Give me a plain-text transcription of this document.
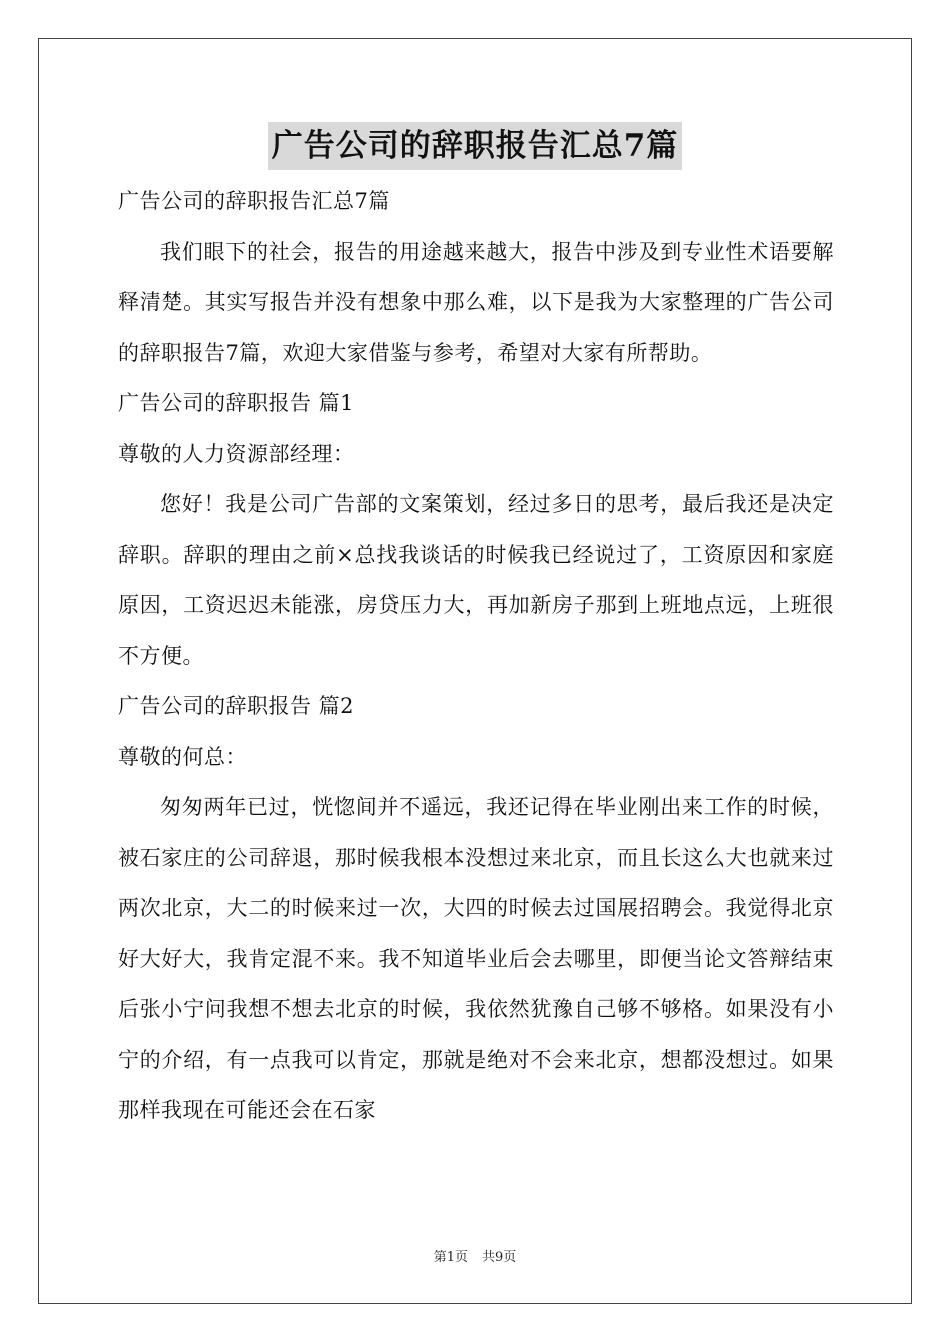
广告公司的辞职报告汇总7篇
广告公司的辞职报告汇总7篇

我们眼下的社会，报告的用途越来越大，报告中涉及到专业性术语要解释清楚。其实写报告并没有想象中那么难，以下是我为大家整理的广告公司的辞职报告7篇，欢迎大家借鉴与参考，希望对大家有所帮助。

广告公司的辞职报告 篇1
尊敬的人力资源部经理：

您好！我是公司广告部的文案策划，经过多日的思考，最后我还是决定辞职。辞职的理由之前×总找我谈话的时候我已经说过了，工资原因和家庭原因，工资迟迟未能涨，房贷压力大，再加新房子那到上班地点远，上班很不方便。

广告公司的辞职报告 篇2
尊敬的何总：

匆匆两年已过，恍惚间并不遥远，我还记得在毕业刚出来工作的时候，被石家庄的公司辞退，那时候我根本没想过来北京，而且长这么大也就来过两次北京，大二的时候来过一次，大四的时候去过国展招聘会。我觉得北京好大好大，我肯定混不来。我不知道毕业后会去哪里，即便当论文答辩结束后张小宁问我想不想去北京的时候，我依然犹豫自己够不够格。如果没有小宁的介绍，有一点我可以肯定，那就是绝对不会来北京，想都没想过。如果那样我现在可能还会在石家

第1页 共9页
